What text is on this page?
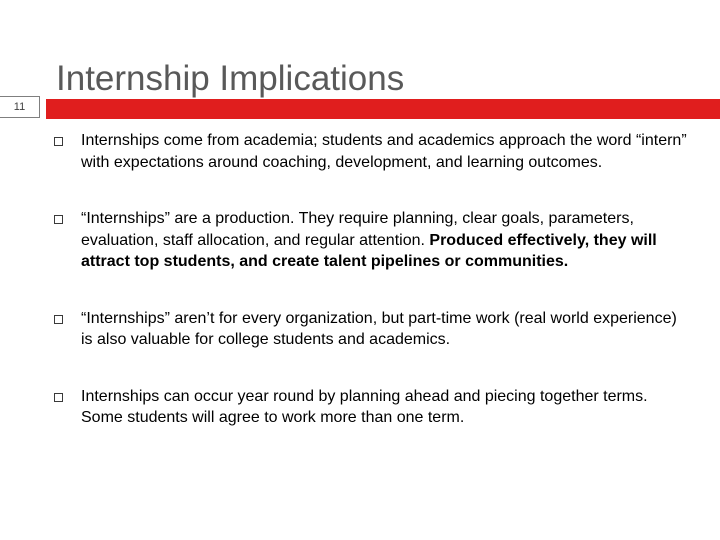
Internship Implications
11
Internships come from academia; students and academics approach the word “intern” with expectations around coaching, development, and learning outcomes.
“Internships” are a production. They require planning, clear goals, parameters, evaluation, staff allocation, and regular attention. Produced effectively, they will attract top students, and create talent pipelines or communities.
“Internships” aren’t for every organization, but part-time work (real world experience) is also valuable for college students and academics.
Internships can occur year round by planning ahead and piecing together terms. Some students will agree to work more than one term.
